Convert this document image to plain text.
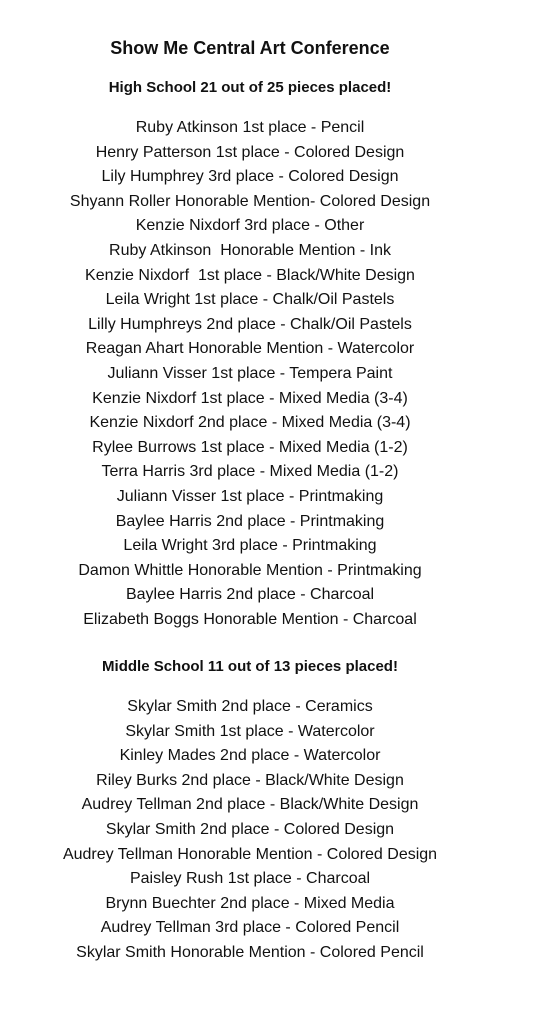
Show Me Central Art Conference
High School 21 out of 25 pieces placed!
Ruby Atkinson 1st place - Pencil
Henry Patterson 1st place - Colored Design
Lily Humphrey 3rd place - Colored Design
Shyann Roller Honorable Mention- Colored Design
Kenzie Nixdorf 3rd place - Other
Ruby Atkinson  Honorable Mention - Ink
Kenzie Nixdorf  1st place - Black/White Design
Leila Wright 1st place - Chalk/Oil Pastels
Lilly Humphreys 2nd place - Chalk/Oil Pastels
Reagan Ahart Honorable Mention - Watercolor
Juliann Visser 1st place - Tempera Paint
Kenzie Nixdorf 1st place - Mixed Media (3-4)
Kenzie Nixdorf 2nd place - Mixed Media (3-4)
Rylee Burrows 1st place - Mixed Media (1-2)
Terra Harris 3rd place - Mixed Media (1-2)
Juliann Visser 1st place - Printmaking
Baylee Harris 2nd place - Printmaking
Leila Wright 3rd place - Printmaking
Damon Whittle Honorable Mention - Printmaking
Baylee Harris 2nd place - Charcoal
Elizabeth Boggs Honorable Mention - Charcoal
Middle School 11 out of 13 pieces placed!
Skylar Smith 2nd place - Ceramics
Skylar Smith 1st place - Watercolor
Kinley Mades 2nd place - Watercolor
Riley Burks 2nd place - Black/White Design
Audrey Tellman 2nd place - Black/White Design
Skylar Smith 2nd place - Colored Design
Audrey Tellman Honorable Mention - Colored Design
Paisley Rush 1st place - Charcoal
Brynn Buechter 2nd place - Mixed Media
Audrey Tellman 3rd place - Colored Pencil
Skylar Smith Honorable Mention - Colored Pencil
